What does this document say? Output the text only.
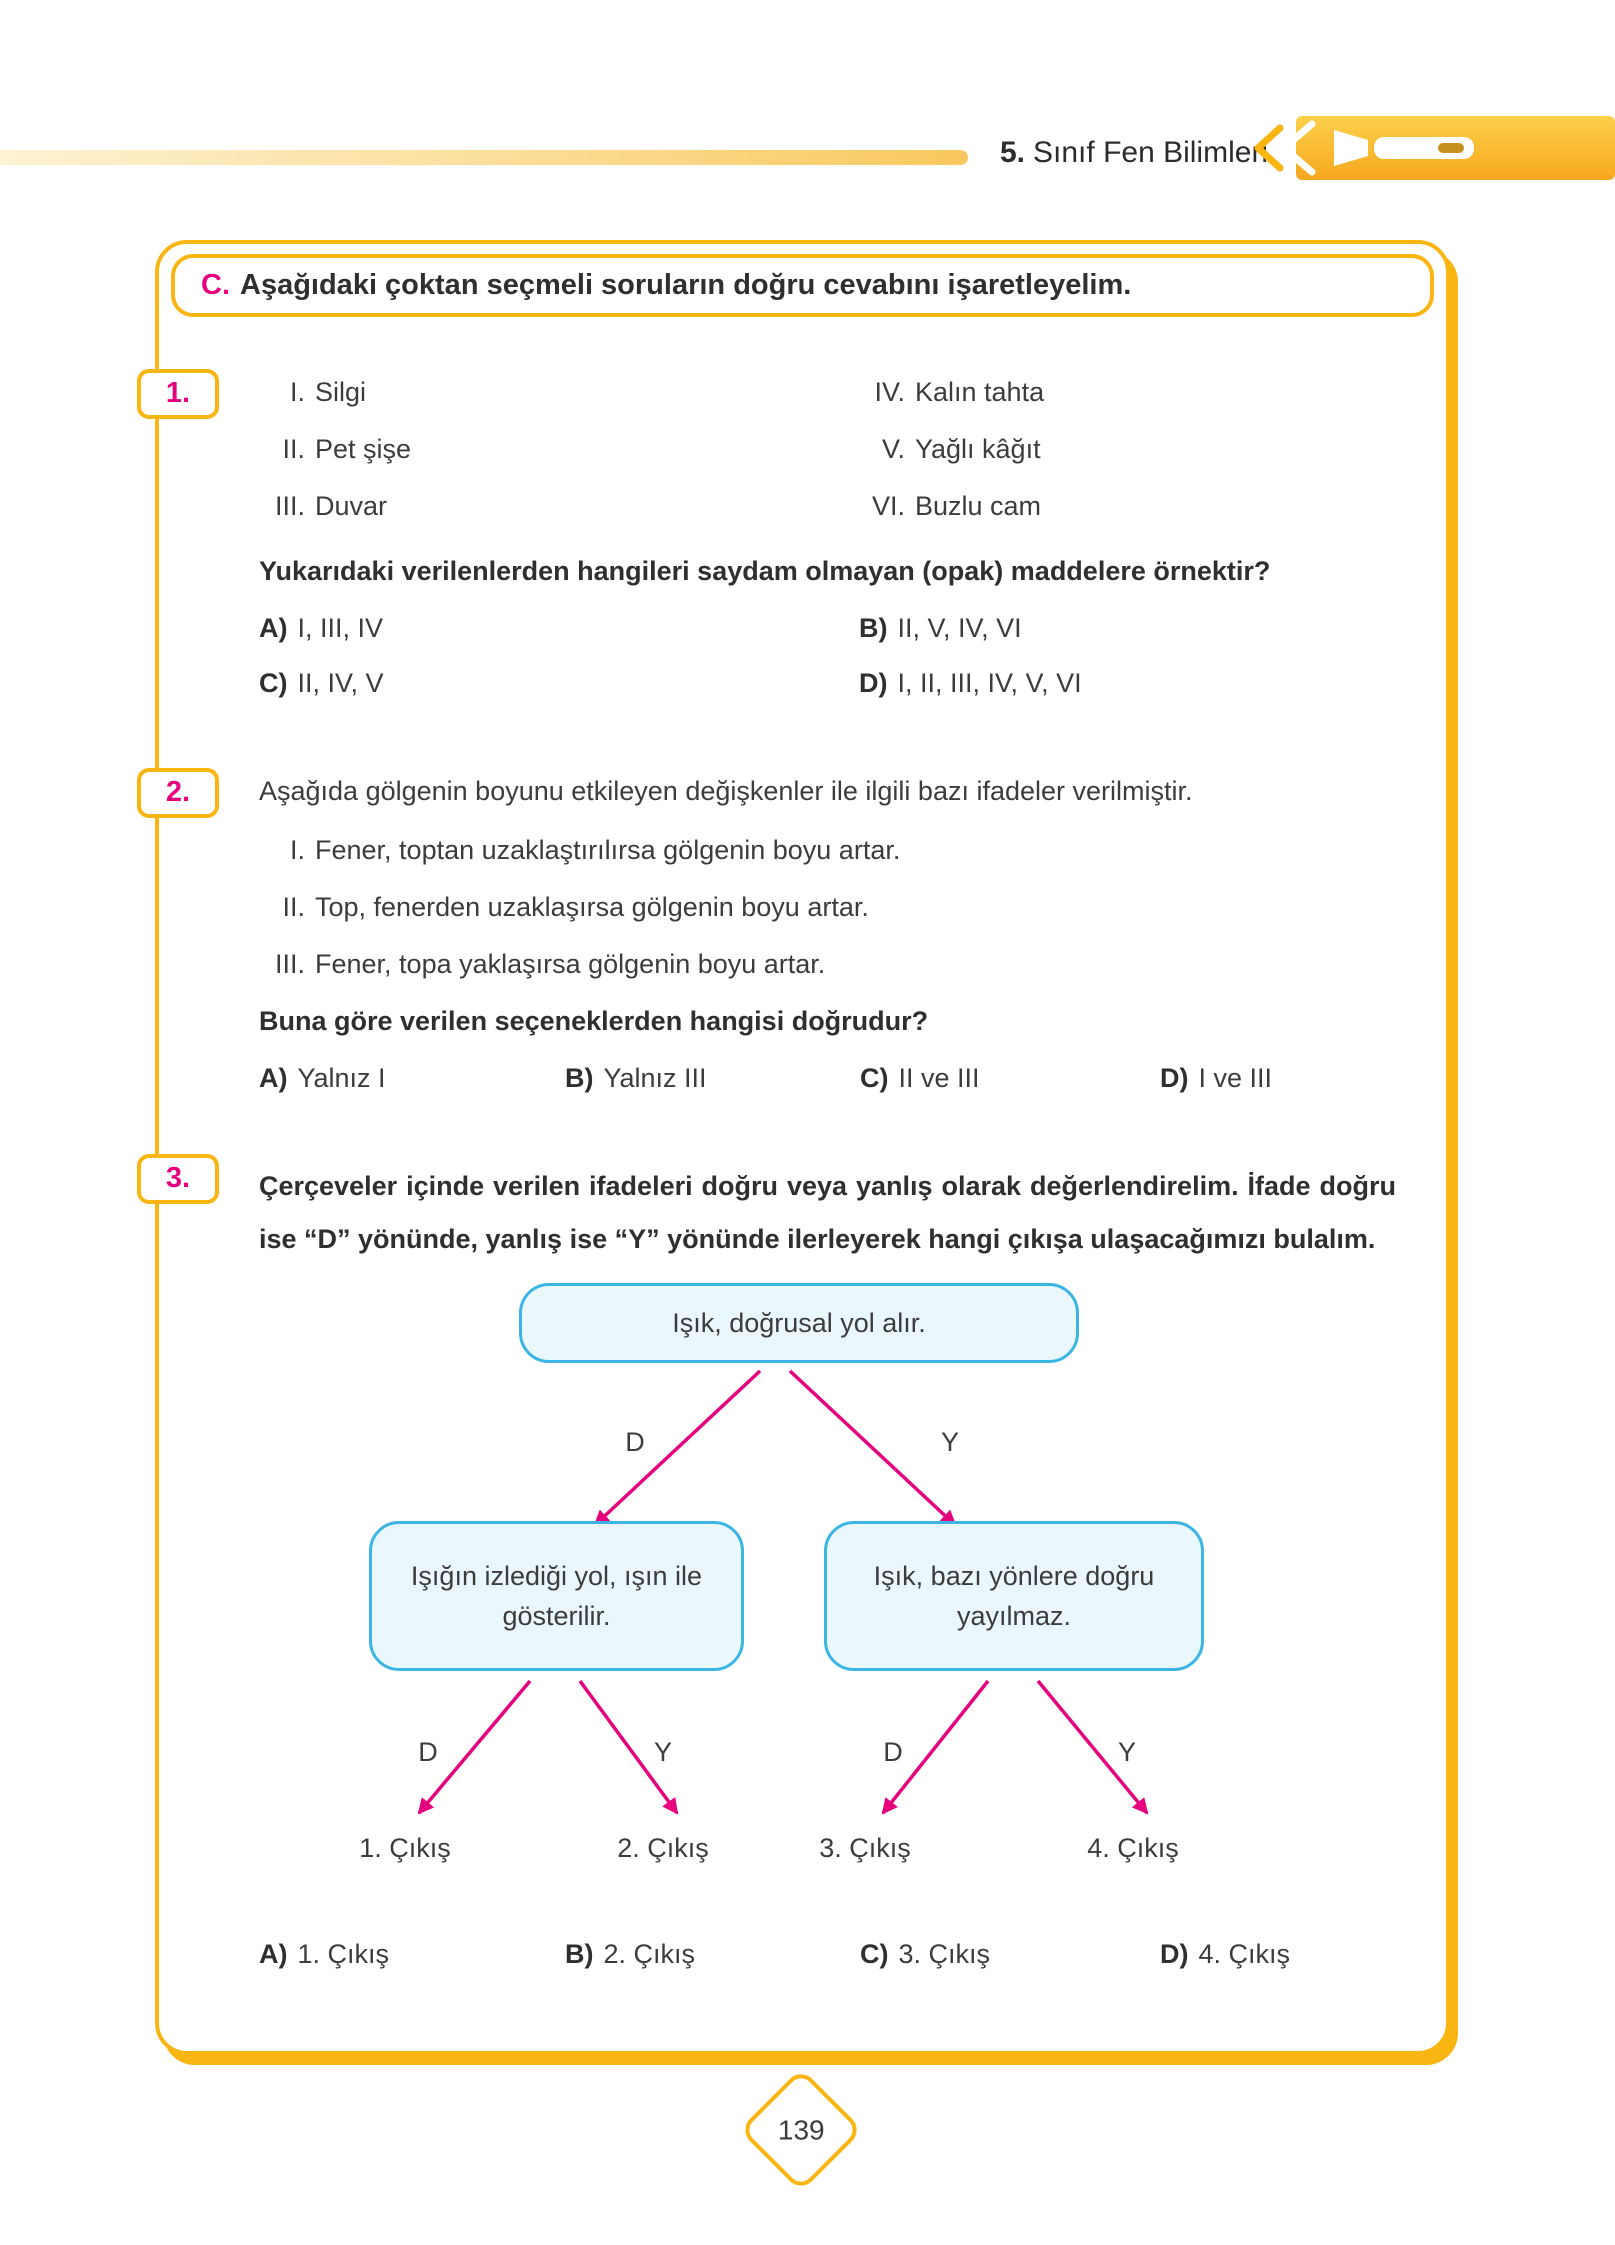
5. Sınıf Fen Bilimleri
C. Aşağıdaki çoktan seçmeli soruların doğru cevabını işaretleyelim.
1.	I. Silgi
II. Pet şişe
III. Duvar
IV. Kalın tahta
V. Yağlı kâğıt
VI. Buzlu cam

Yukarıdaki verilenlerden hangileri saydam olmayan (opak) maddelere örnektir?

A) I, III, IV	B) II, V, IV, VI
C) II, IV, V	D) I, II, III, IV, V, VI
2.	Aşağıda gölgenin boyunu etkileyen değişkenler ile ilgili bazı ifadeler verilmiştir.

I. Fener, toptan uzaklaştırılırsa gölgenin boyu artar.
II. Top, fenerden uzaklaşırsa gölgenin boyu artar.
III. Fener, topa yaklaşırsa gölgenin boyu artar.

Buna göre verilen seçeneklerden hangisi doğrudur?

A) Yalnız I	B) Yalnız III	C) II ve III	D) I ve III
3.	Çerçeveler içinde verilen ifadeleri doğru veya yanlış olarak değerlendirelim. İfade doğru ise “D” yönünde, yanlış ise “Y” yönünde ilerleyerek hangi çıkışa ulaşacağımızı bulalım.

Işık, doğrusal yol alır.
Işığın izlediği yol, ışın ile gösterilir.
Işık, bazı yönlere doğru yayılmaz.
D	Y
D	Y	D	Y
1. Çıkış	2. Çıkış	3. Çıkış	4. Çıkış
A) 1. Çıkış	B) 2. Çıkış	C) 3. Çıkış	D) 4. Çıkış
139
